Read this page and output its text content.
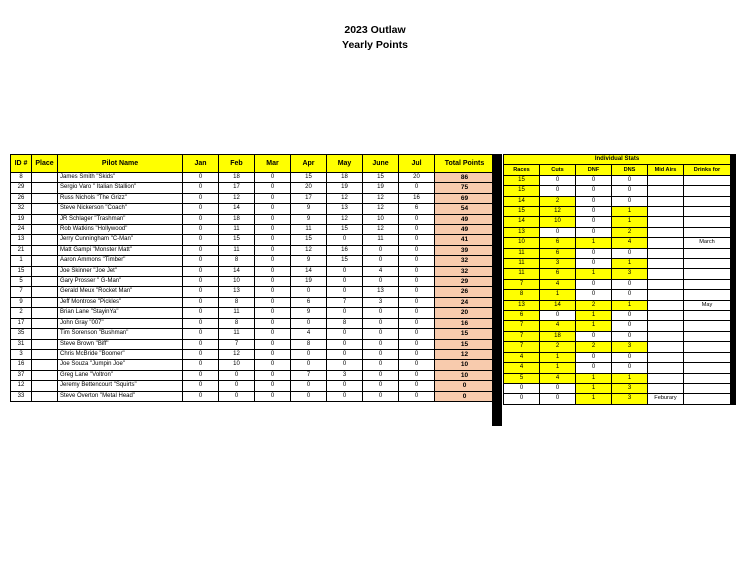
2023 Outlaw
Yearly Points
ID #	Place	Pilot Name	Jan	Feb	Mar	Apr	May	June	Jul	Total Points
8		James Smith "Skids"	0	18	0	15	18	15	20	86
29		Sergio Varo " Italian Stallion"	0	17	0	20	19	19	0	75
26		Russ Nichols "The Grizz"	0	12	0	17	12	12	16	69
32		Steve Nickerson "Coach"	0	14	0	9	13	12	6	54
19		JR Schlager "Trashman"	0	18	0	9	12	10	0	49
24		Rob Watkins "Hollywood"	0	11	0	11	15	12	0	49
13		Jerry Cunningham "C-Man"	0	15	0	15	0	11	0	41
21		Matt Gampi "Monster Matt"	0	11	0	12	16	0	0	39
1		Aaron Ammons "Timber"	0	8	0	9	15	0	0	32
15		Joe Skinner "Joe Jet"	0	14	0	14	0	4	0	32
5		Gary Prosser " G-Man"	0	10	0	19	0	0	0	29
7		Gerald Meux "Rocket Man"	0	13	0	0	0	13	0	26
9		Jeff Montrose "Pickles"	0	8	0	6	7	3	0	24
2		Brian Lane "StayinYa"	0	11	0	9	0	0	0	20
17		John Gray "007"	0	8	0	0	8	0	0	16
35		Tim Sorenson "Bushman"	0	11	0	4	0	0	0	15
31		Steve Brown "Biff"	0	7	0	8	0	0	0	15
3		Chris McBride "Boomer"	0	12	0	0	0	0	0	12
16		Joe Souza "Jumpin Joe"	0	10	0	0	0	0	0	10
37		Greg Lane "Voltron"	0	0	0	7	3	0	0	10
12		Jeremy Bettencourt "Squirts"	0	0	0	0	0	0	0	0
33		Steve Overton "Metal Head"	0	0	0	0	0	0	0	0
Individual Stats						
Races	Cuts	DNF	DNS	Mid Airs	Drinks for	
15	0	0	0			
15	0	0	0			
14	2	0	0			
15	12	0	1			
14	10	0	1			
13	0	0	2			
10	6	1	4		March	
11	6	0	0			
11	3	0	1			
11	6	1	3			
7	4	0	0			
8	1	0	0			
13	14	2	1		May	
6	0	1	0			
7	4	1	0			
7	18	0	0			
7	2	2	3			
4	1	0	0			
4	1	0	0			
5	4	1	1			
0	0	1	3			
0	0	1	3	Feburary		
